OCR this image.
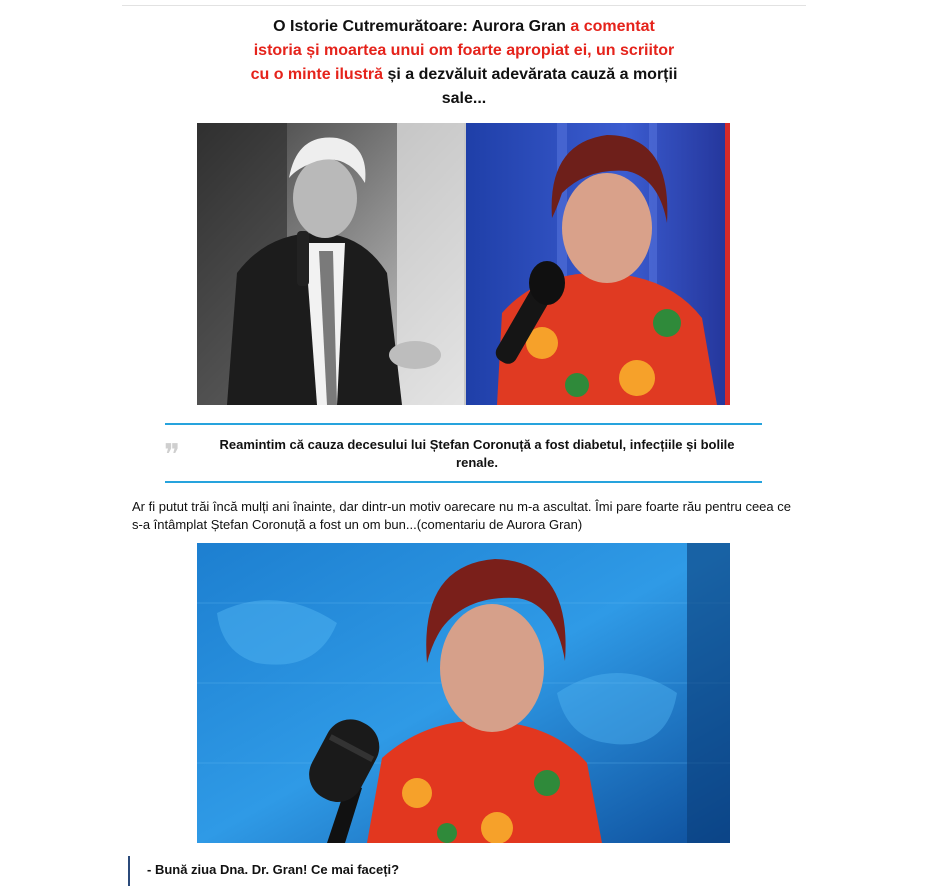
O Istorie Cutremurătoare: Aurora Gran a comentat istoria și moartea unui om foarte apropiat ei, un scriitor cu o minte ilustră și a dezvăluit adevărata cauză a morții sale...
❞	Reamintim că cauza decesului lui Ștefan Coronuță a fost diabetul, infecțiile și bolile renale.

Ar fi putut trăi încă mulți ani înainte, dar dintr-un motiv oarecare nu m-a ascultat. Îmi pare foarte rău pentru ceea ce s-a întâmplat Ștefan Coronuță a fost un om bun...(comentariu de Aurora Gran)

- Bună ziua Dna. Dr. Gran! Ce mai faceți?
